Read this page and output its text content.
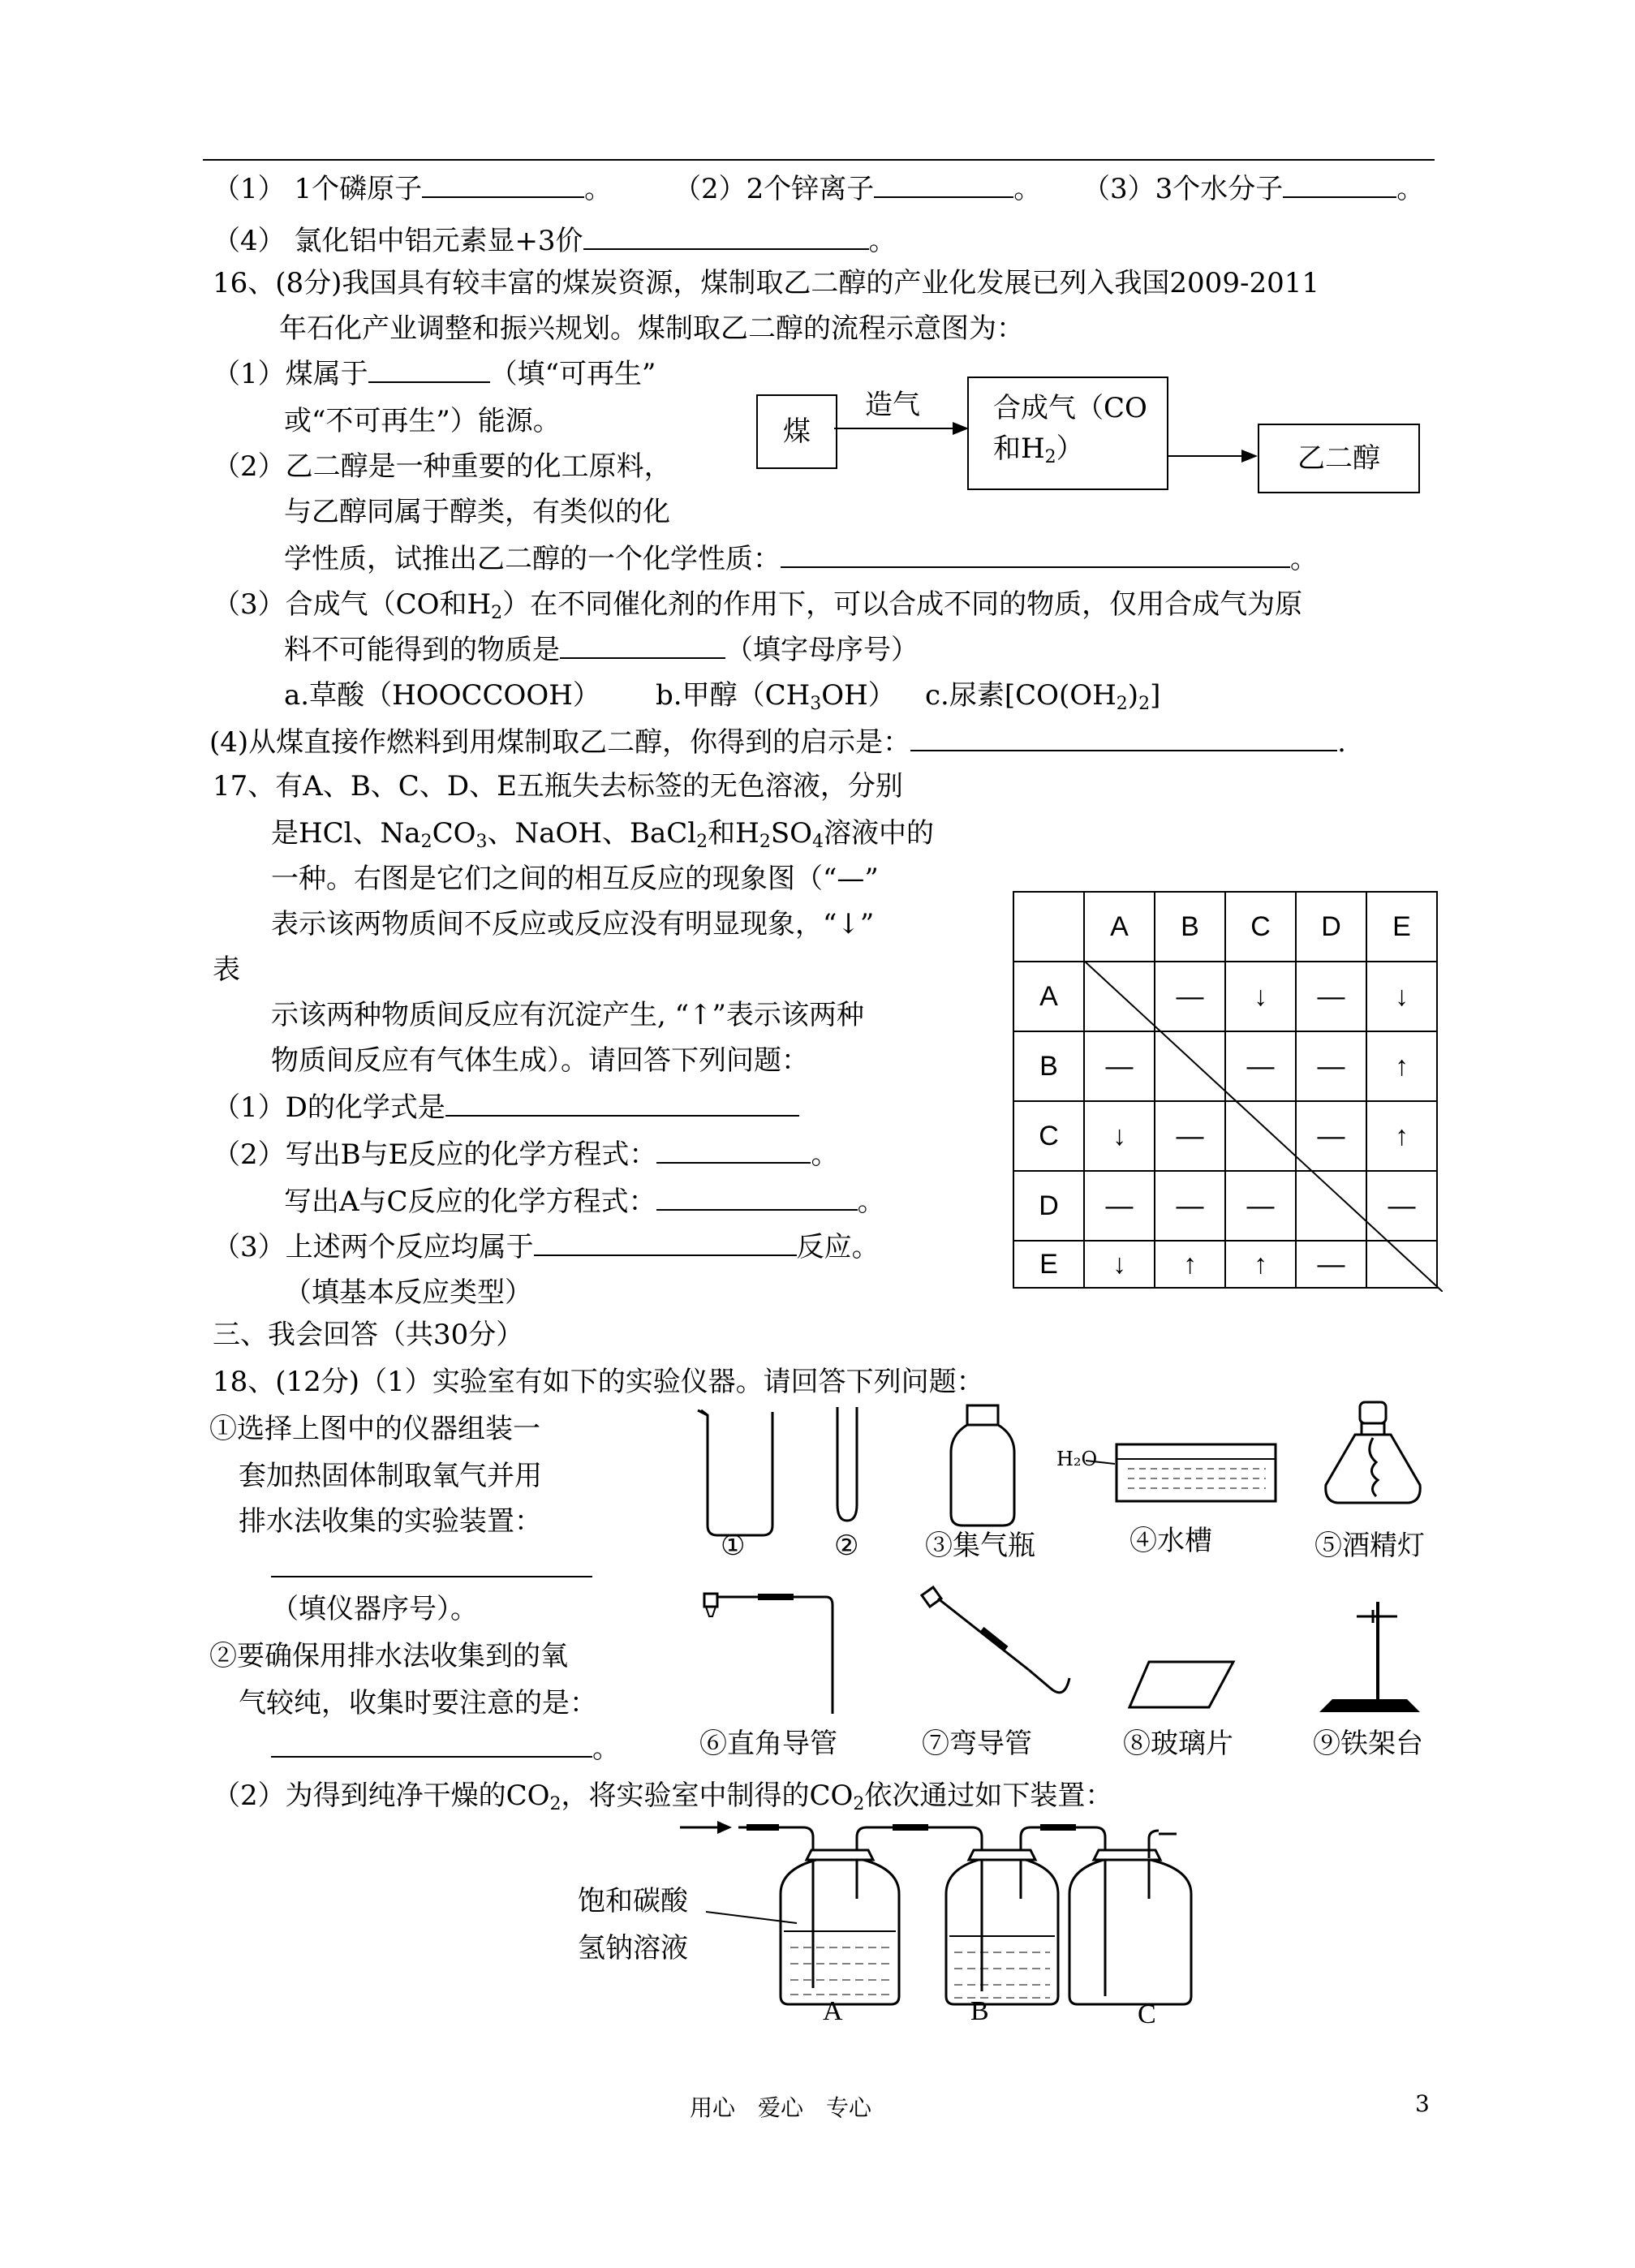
（1） 1个磷原子	。 （2）2个锌离子	。 （3）3个水分子	。
（4） 氯化铝中铝元素显+3价	。
16、(8分)我国具有较丰富的煤炭资源，煤制取乙二醇的产业化发展已列入我国2009-2011
年石化产业调整和振兴规划。煤制取乙二醇的流程示意图为：
（1）煤属于	（填“可再生”
或“不可再生”）能源。
（2）乙二醇是一种重要的化工原料，
与乙醇同属于醇类，有类似的化
学性质，试推出乙二醇的一个化学性质：	。
（3）合成气（CO和$H_2$）在不同催化剂的作用下，可以合成不同的物质，仅用合成气为原
料不可能得到的物质是	（填字母序号）
a.草酸（HOOCCOOH） b.甲醇$(CH_3OH)$ c.尿素$[CO(OH_2)_2]$
(4)从煤直接作燃料到用煤制取乙二醇，你得到的启示是：	.
煤
造气	合成气（CO
和$H_2$）	乙二醇
17、有A、B、C、D、E五瓶失去标签的无色溶液，分别
是HCl、$Na_2CO_3$、NaOH、BaCl$_2$和$H_2SO_4$溶液中的
一种。右图是它们之间的相互反应的现象图（“—”
表示该两物质间不反应或反应没有明显现象，“↓”
表
示该两种物质间反应有沉淀产生, “↑”表示该两种
物质间反应有气体生成）。请回答下列问题：
（1）D的化学式是
（2）写出B与E反应的化学方程式：	。
写出A与C反应的化学方程式：	。
（3）上述两个反应均属于	反应。
（填基本反应类型）
	A	B	C	D	E
A		—	↓	—	↓
B	—		—	—	↑
C	↓	—		—	↑
D	—	—	—		—
E	↓	↑	↑	—	
三、我会回答（共30分）
18、(12分)（1）实验室有如下的实验仪器。请回答下列问题：
①选择上图中的仪器组装一
套加热固体制取氧气并用
排水法收集的实验装置：
（填仪器序号）。
②要确保用排水法收集到的氧
气较纯，收集时要注意的是：
。
①	② ③集气瓶
H₂O
④水槽	⑤酒精灯
⑥直角导管	⑦弯导管	⑧玻璃片	⑨铁架台
（2）为得到纯净干燥的$CO_2$，将实验室中制得的$CO_2$依次通过如下装置：
饱和碳酸
氢钠溶液
A	B	C
用心　爱心　专心	3
